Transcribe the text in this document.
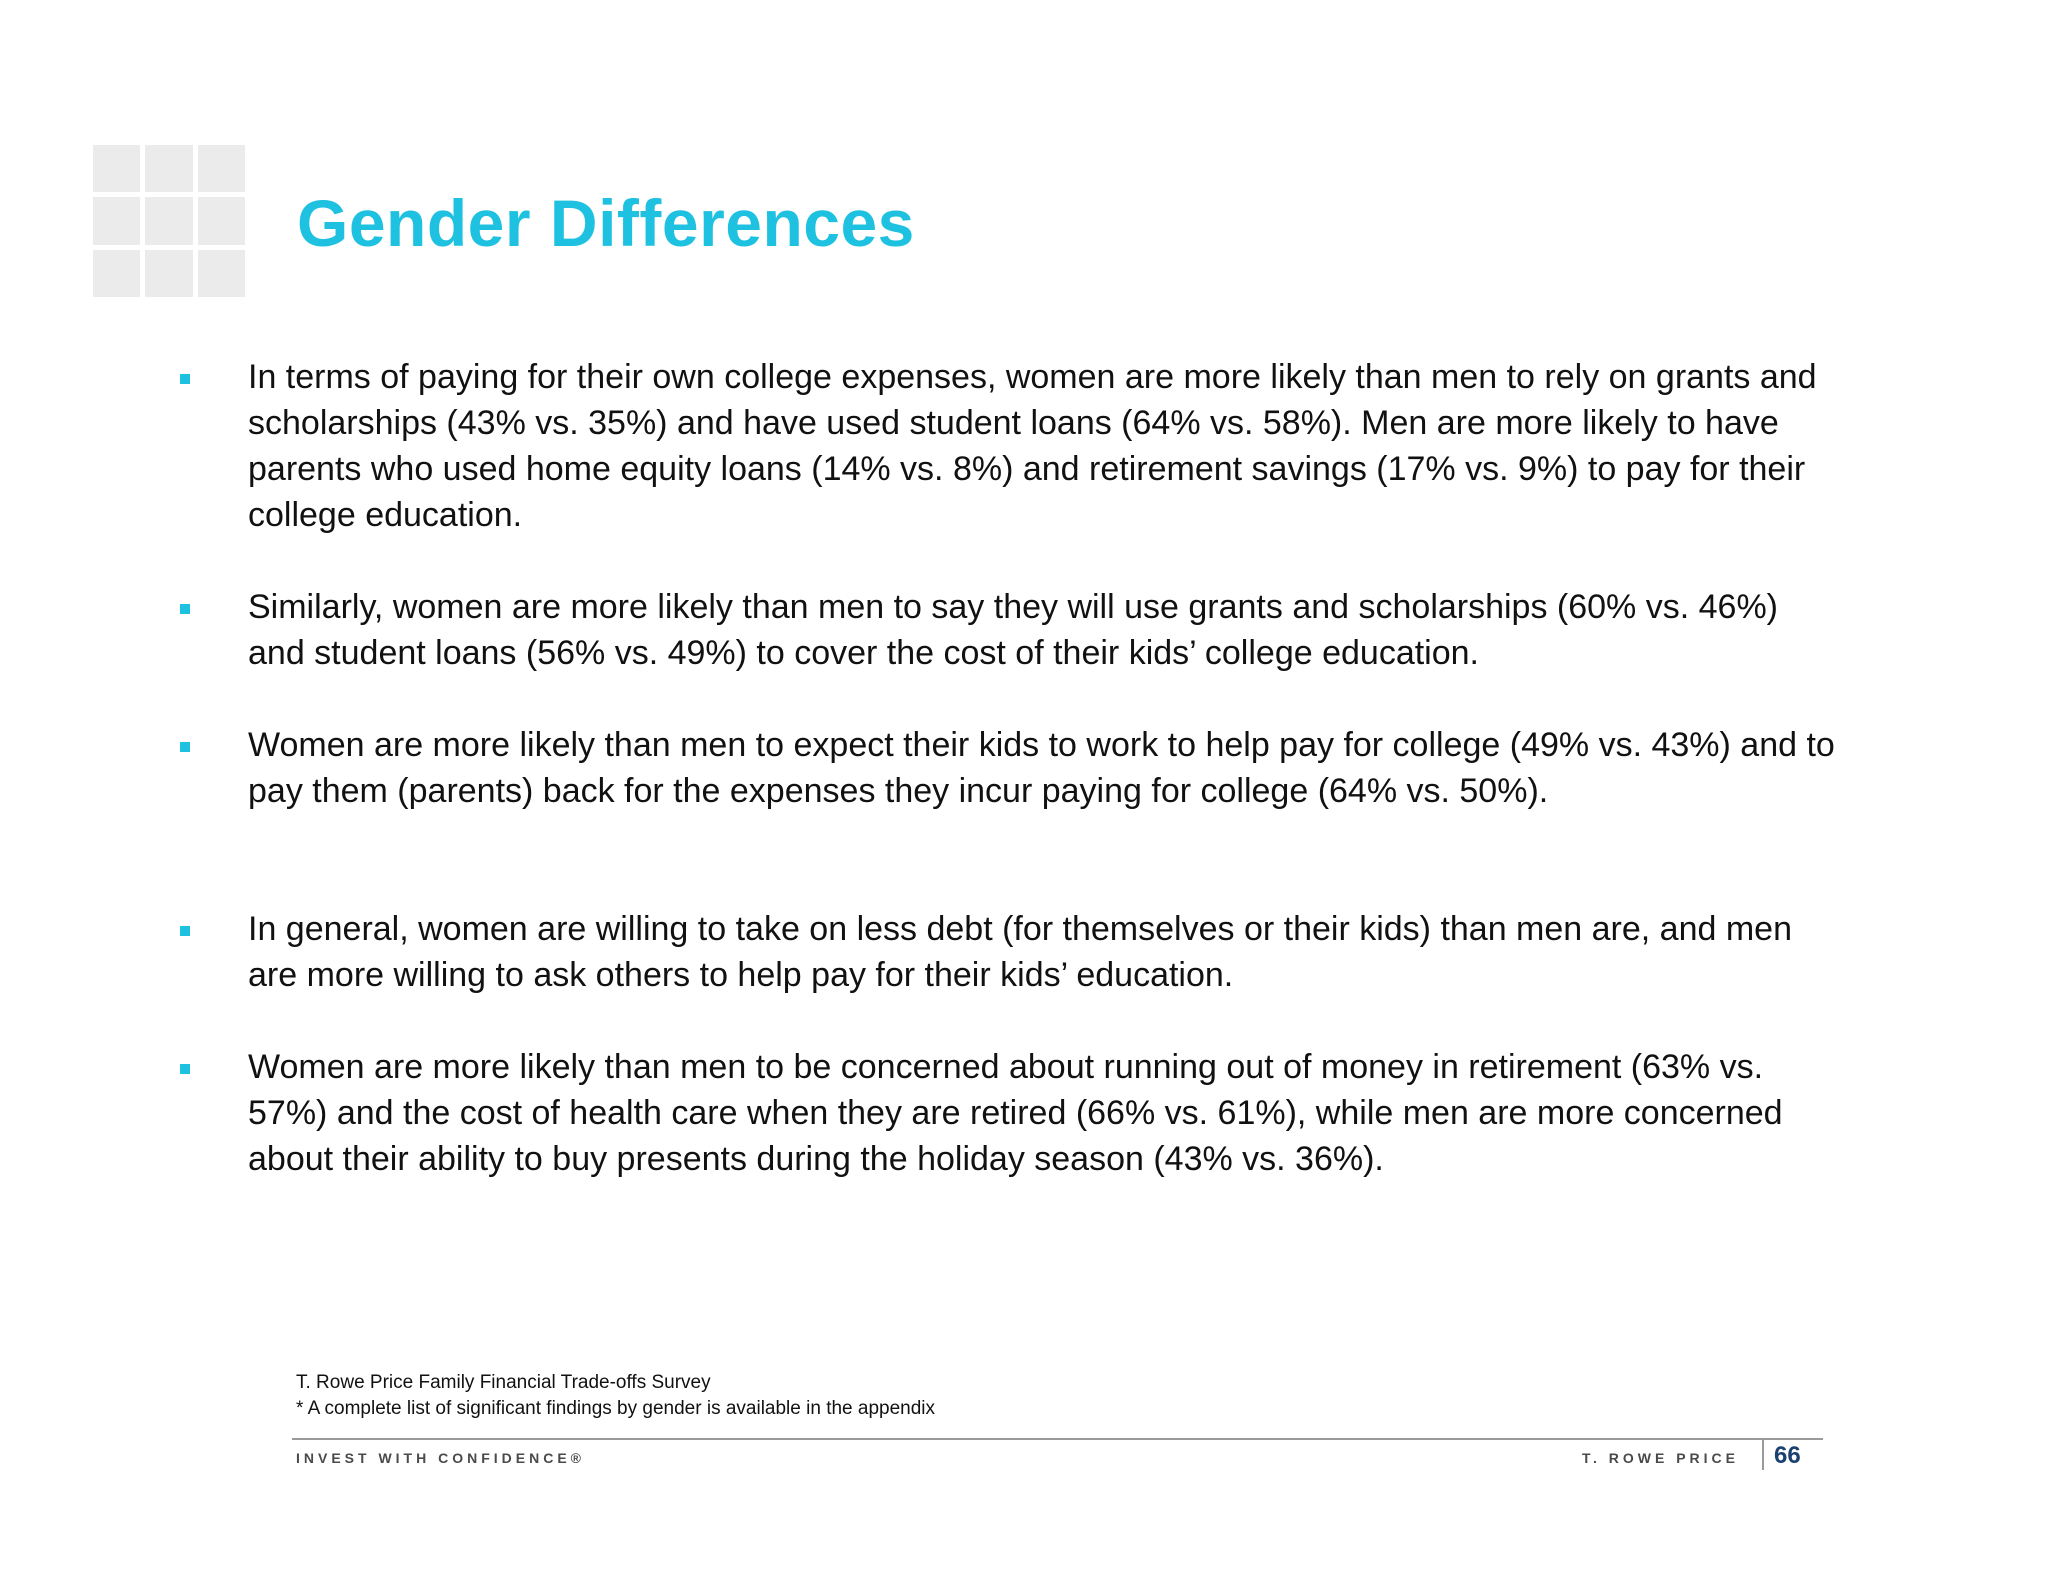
Gender Differences
In terms of paying for their own college expenses, women are more likely than men to rely on grants and scholarships (43% vs. 35%) and have used student loans (64% vs. 58%). Men are more likely to have parents who used home equity loans (14% vs. 8%) and retirement savings (17% vs. 9%) to pay for their college education.
Similarly, women are more likely than men to say they will use grants and scholarships (60% vs. 46%) and student loans (56% vs. 49%) to cover the cost of their kids’ college education.
Women are more likely than men to expect their kids to work to help pay for college (49% vs. 43%) and to pay them (parents) back for the expenses they incur paying for college (64% vs. 50%).
In general, women are willing to take on less debt (for themselves or their kids) than men are, and men are more willing to ask others to help pay for their kids’ education.
Women are more likely than men to be concerned about running out of money in retirement (63% vs. 57%) and the cost of health care when they are retired (66% vs. 61%), while men are more concerned about their ability to buy presents during the holiday season (43% vs. 36%).
T. Rowe Price Family Financial Trade-offs Survey
* A complete list of significant findings by gender is available in the appendix
INVEST WITH CONFIDENCE®	T. ROWE PRICE 66
